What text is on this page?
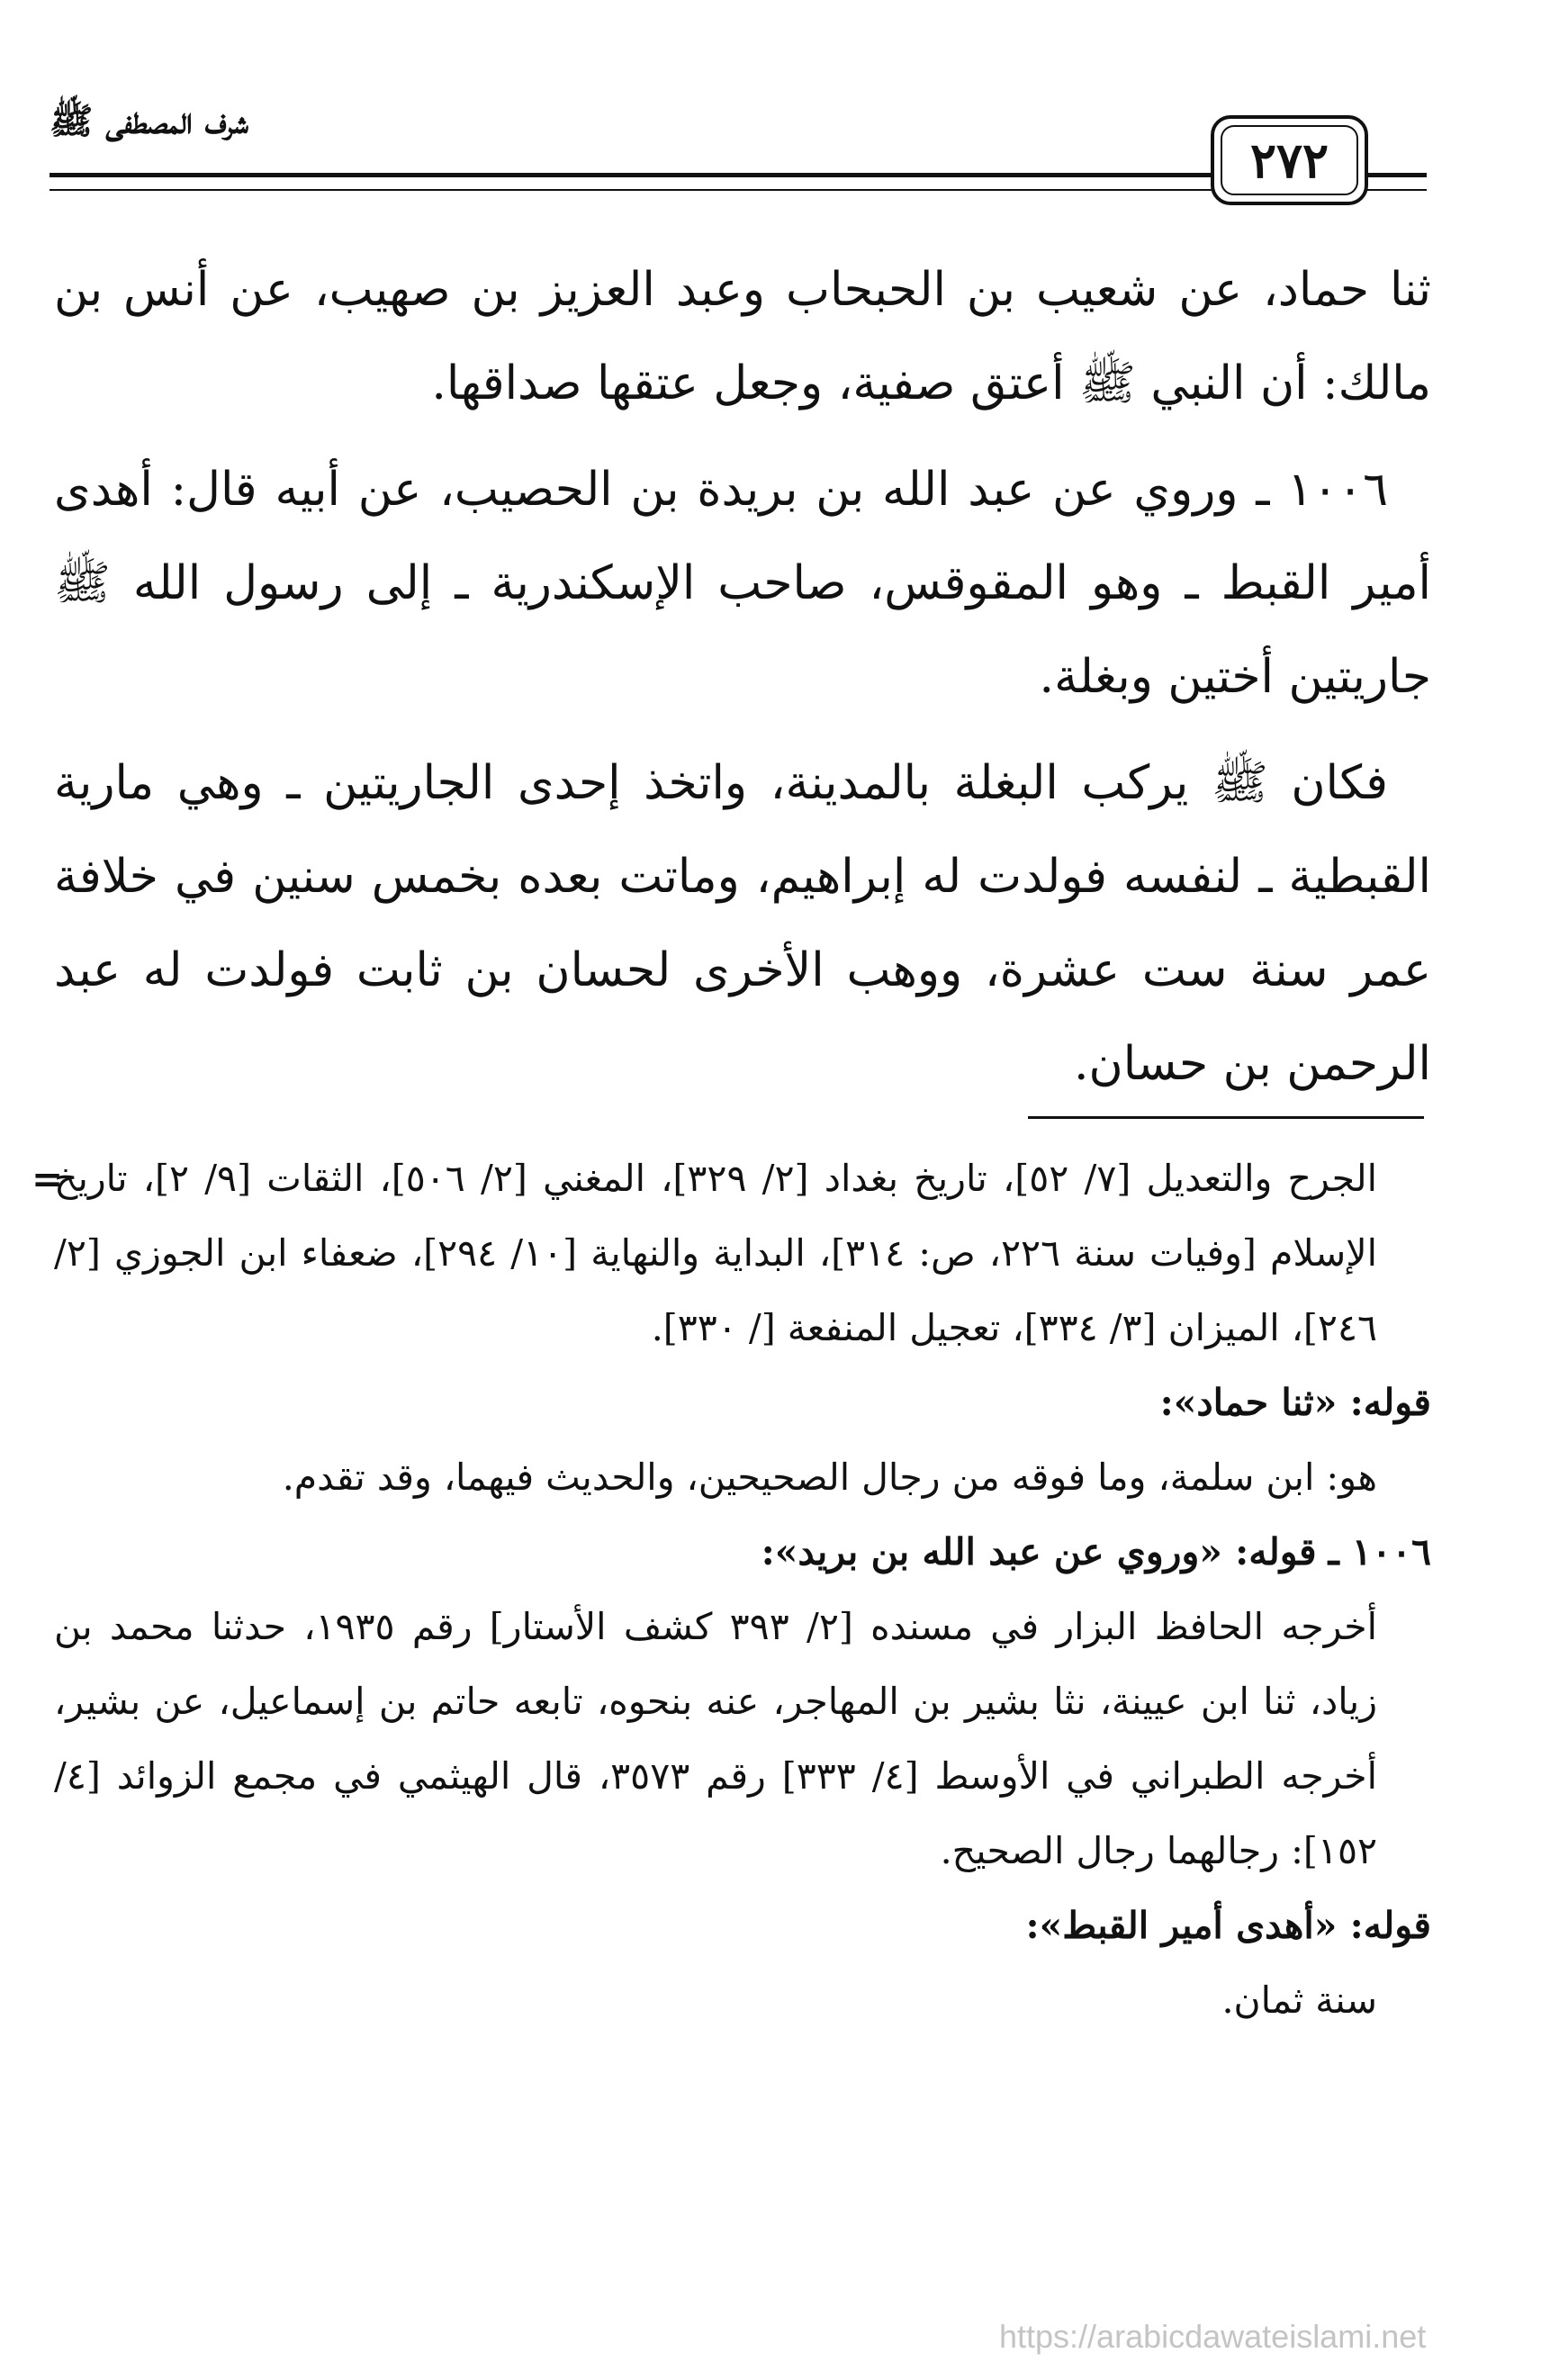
شرف المصطفى ﷺ
٢٧٢

ثنا حماد، عن شعيب بن الحبحاب وعبد العزيز بن صهيب، عن أنس بن مالك: أن النبي ﷺ أعتق صفية، وجعل عتقها صداقها.

١٠٠٦ ـ وروي عن عبد الله بن بريدة بن الحصيب، عن أبيه قال: أهدى أمير القبط ـ وهو المقوقس، صاحب الإسكندرية ـ إلى رسول الله ﷺ جاريتين أختين وبغلة.

فكان ﷺ يركب البغلة بالمدينة، واتخذ إحدى الجاريتين ـ وهي مارية القبطية ـ لنفسه فولدت له إبراهيم، وماتت بعده بخمس سنين في خلافة عمر سنة ست عشرة، ووهب الأخرى لحسان بن ثابت فولدت له عبد الرحمن بن حسان.

=

الجرح والتعديل [٧/ ٥٢]، تاريخ بغداد [٢/ ٣٢٩]، المغني [٢/ ٥٠٦]، الثقات [٩/ ٢]، تاريخ الإسلام [وفيات سنة ٢٢٦، ص: ٣١٤]، البداية والنهاية [١٠/ ٢٩٤]، ضعفاء ابن الجوزي [٢/ ٢٤٦]، الميزان [٣/ ٣٣٤]، تعجيل المنفعة [/ ٣٣٠].

قوله: «ثنا حماد»:

هو: ابن سلمة، وما فوقه من رجال الصحيحين، والحديث فيهما، وقد تقدم.

١٠٠٦ ـ قوله: «وروي عن عبد الله بن بريد»:

أخرجه الحافظ البزار في مسنده [٢/ ٣٩٣ كشف الأستار] رقم ١٩٣٥، حدثنا محمد بن زياد، ثنا ابن عيينة، نثا بشير بن المهاجر، عنه بنحوه، تابعه حاتم بن إسماعيل، عن بشير، أخرجه الطبراني في الأوسط [٤/ ٣٣٣] رقم ٣٥٧٣، قال الهيثمي في مجمع الزوائد [٤/ ١٥٢]: رجالهما رجال الصحيح.

قوله: «أهدى أمير القبط»:

سنة ثمان.

https://arabicdawateislami.net
